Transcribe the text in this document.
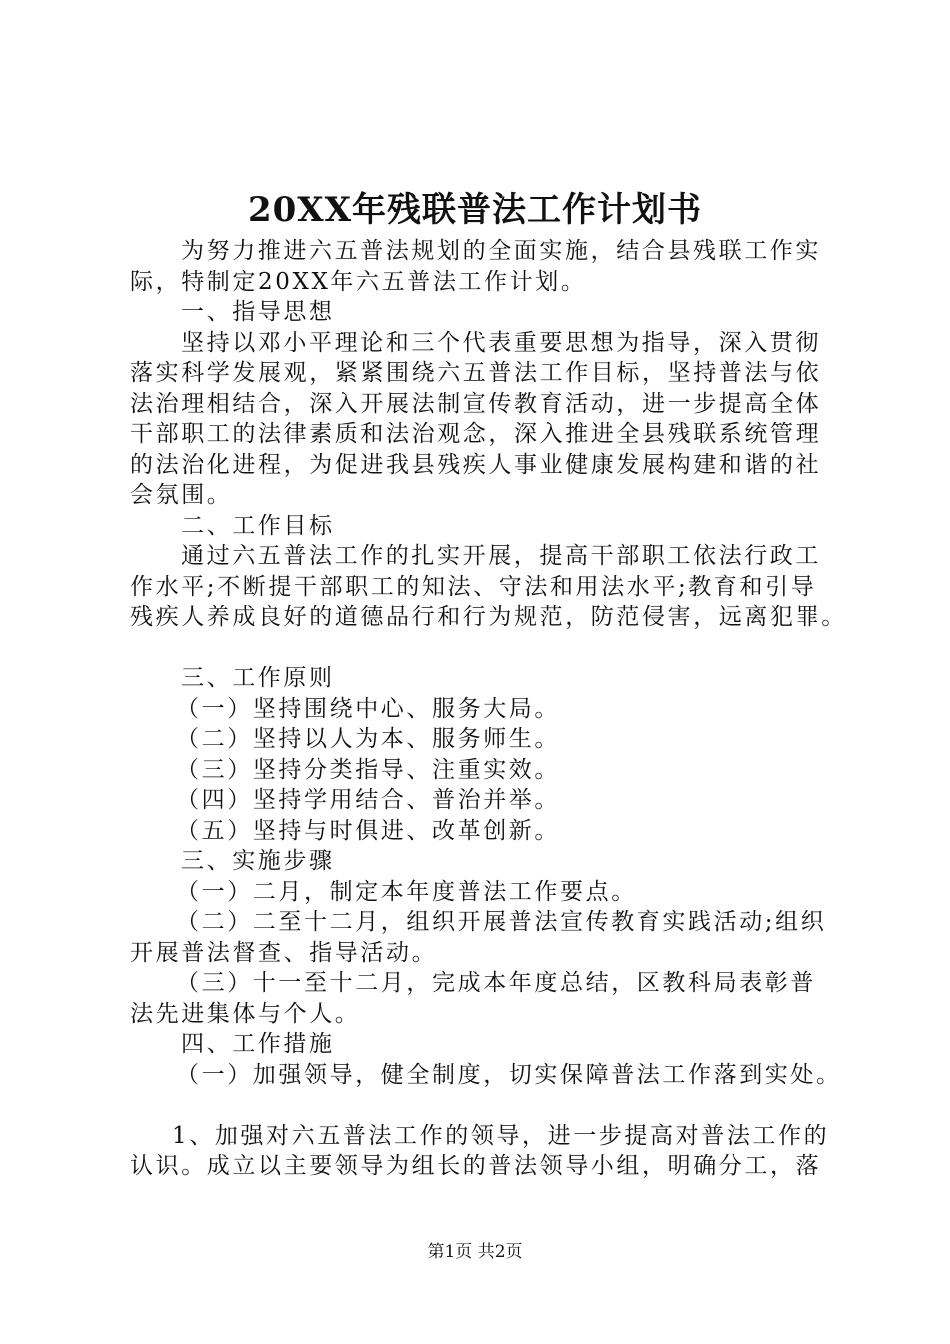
20XX年残联普法工作计划书

为努力推进六五普法规划的全面实施，结合县残联工作实

际，特制定20XX年六五普法工作计划。

一、指导思想

坚持以邓小平理论和三个代表重要思想为指导，深入贯彻

落实科学发展观，紧紧围绕六五普法工作目标，坚持普法与依

法治理相结合，深入开展法制宣传教育活动，进一步提高全体

干部职工的法律素质和法治观念，深入推进全县残联系统管理

的法治化进程，为促进我县残疾人事业健康发展构建和谐的社

会氛围。

二、工作目标

通过六五普法工作的扎实开展，提高干部职工依法行政工

作水平;不断提干部职工的知法、守法和用法水平;教育和引导

残疾人养成良好的道德品行和行为规范，防范侵害，远离犯罪。

三、工作原则

（一）坚持围绕中心、服务大局。

（二）坚持以人为本、服务师生。

（三）坚持分类指导、注重实效。

（四）坚持学用结合、普治并举。

（五）坚持与时俱进、改革创新。

三、实施步骤

（一）二月，制定本年度普法工作要点。

（二）二至十二月，组织开展普法宣传教育实践活动;组织

开展普法督查、指导活动。

（三）十一至十二月，完成本年度总结，区教科局表彰普

法先进集体与个人。

四、工作措施

（一）加强领导，健全制度，切实保障普法工作落到实处。

1、加强对六五普法工作的领导，进一步提高对普法工作的

认识。成立以主要领导为组长的普法领导小组，明确分工，落

第1页 共2页
